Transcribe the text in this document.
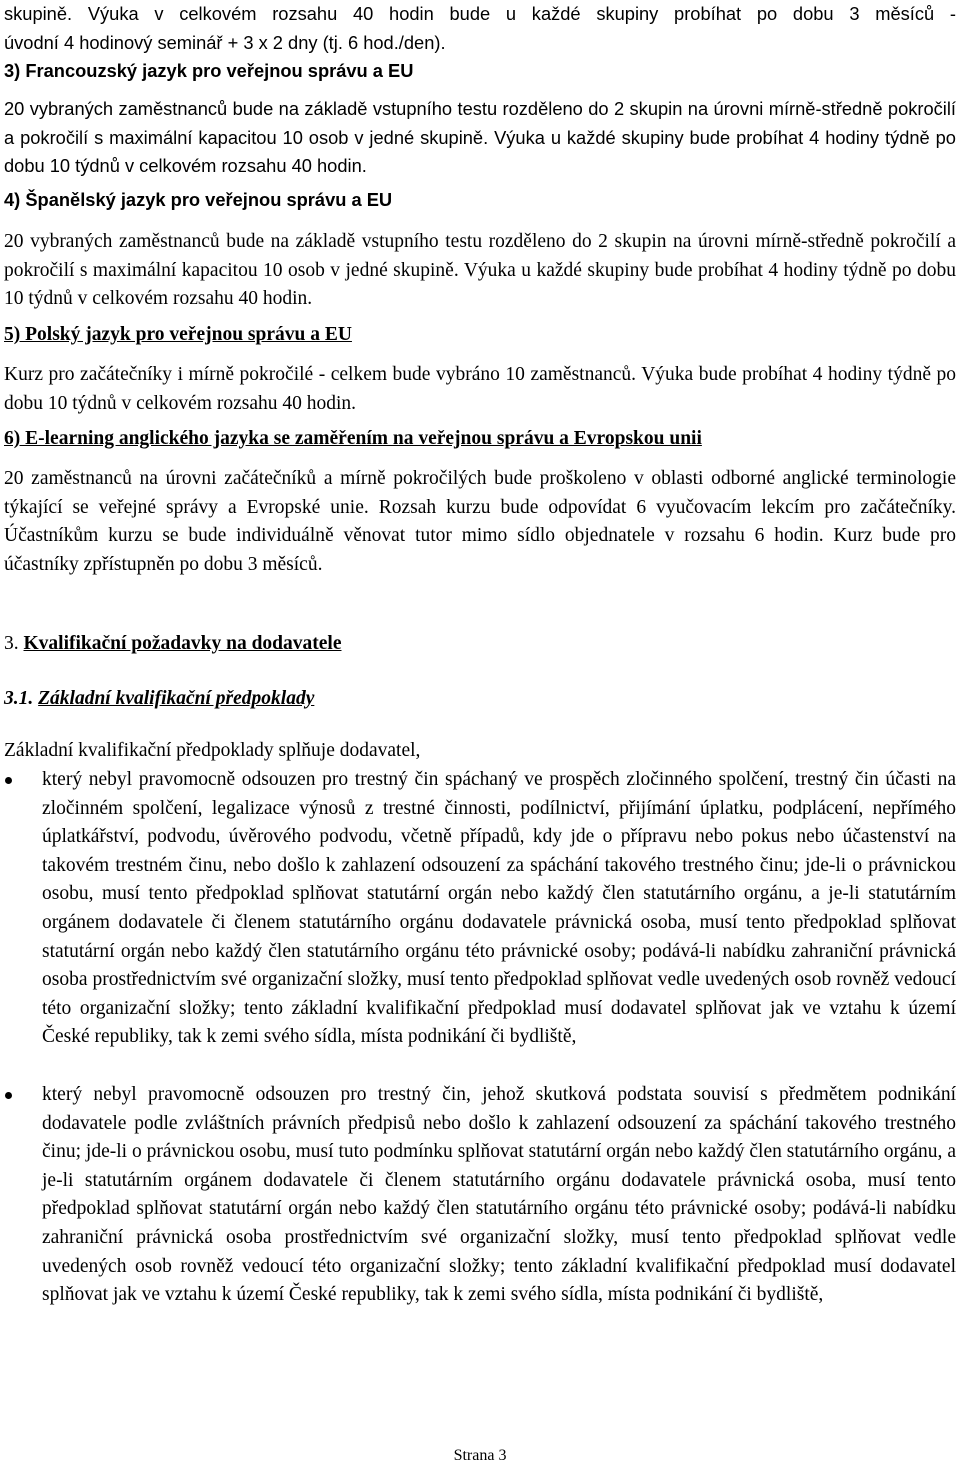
skupině. Výuka v celkovém rozsahu 40 hodin bude u každé skupiny probíhat po dobu 3 měsíců -
úvodní 4 hodinový seminář + 3 x 2 dny (tj. 6 hod./den).
3) Francouzský jazyk pro veřejnou správu a EU

20 vybraných zaměstnanců bude na základě vstupního testu rozděleno do 2 skupin na úrovni mírně-středně pokročilí a pokročilí s maximální kapacitou 10 osob v jedné skupině. Výuka u každé skupiny bude probíhat 4 hodiny týdně po dobu 10 týdnů v celkovém rozsahu 40 hodin.

4) Španělský jazyk pro veřejnou správu a EU

20 vybraných zaměstnanců bude na základě vstupního testu rozděleno do 2 skupin na úrovni mírně-středně pokročilí a pokročilí s maximální kapacitou 10 osob v jedné skupině. Výuka u každé skupiny bude probíhat 4 hodiny týdně po dobu 10 týdnů v celkovém rozsahu 40 hodin.

5) Polský jazyk pro veřejnou správu a EU

Kurz pro začátečníky i mírně pokročilé - celkem bude vybráno 10 zaměstnanců. Výuka bude probíhat 4 hodiny týdně po dobu 10 týdnů v celkovém rozsahu 40 hodin.

6) E-learning anglického jazyka se zaměřením na veřejnou správu a Evropskou unii

20 zaměstnanců na úrovni začátečníků a mírně pokročilých bude proškoleno v oblasti odborné anglické terminologie týkající se veřejné správy a Evropské unie. Rozsah kurzu bude odpovídat 6 vyučovacím lekcím pro začátečníky. Účastníkům kurzu se bude individuálně věnovat tutor mimo sídlo objednatele v rozsahu 6 hodin. Kurz bude pro účastníky zpřístupněn po dobu 3 měsíců.

3. Kvalifikační požadavky na dodavatele
3.1. Základní kvalifikační předpoklady
Základní kvalifikační předpoklady splňuje dodavatel,
který nebyl pravomocně odsouzen pro trestný čin spáchaný ve prospěch zločinného spolčení, trestný čin účasti na zločinném spolčení, legalizace výnosů z trestné činnosti, podílnictví, přijímání úplatku, podplácení, nepřímého úplatkářství, podvodu, úvěrového podvodu, včetně případů, kdy jde o přípravu nebo pokus nebo účastenství na takovém trestném činu, nebo došlo k zahlazení odsouzení za spáchání takového trestného činu; jde-li o právnickou osobu, musí tento předpoklad splňovat statutární orgán nebo každý člen statutárního orgánu, a je-li statutárním orgánem dodavatele či členem statutárního orgánu dodavatele právnická osoba, musí tento předpoklad splňovat statutární orgán nebo každý člen statutárního orgánu této právnické osoby; podává-li nabídku zahraniční právnická osoba prostřednictvím své organizační složky, musí tento předpoklad splňovat vedle uvedených osob rovněž vedoucí této organizační složky; tento základní kvalifikační předpoklad musí dodavatel splňovat jak ve vztahu k území České republiky, tak k zemi svého sídla, místa podnikání či bydliště,
který nebyl pravomocně odsouzen pro trestný čin, jehož skutková podstata souvisí s předmětem podnikání dodavatele podle zvláštních právních předpisů nebo došlo k zahlazení odsouzení za spáchání takového trestného činu; jde-li o právnickou osobu, musí tuto podmínku splňovat statutární orgán nebo každý člen statutárního orgánu, a je-li statutárním orgánem dodavatele či členem statutárního orgánu dodavatele právnická osoba, musí tento předpoklad splňovat statutární orgán nebo každý člen statutárního orgánu této právnické osoby; podává-li nabídku zahraniční právnická osoba prostřednictvím své organizační složky, musí tento předpoklad splňovat vedle uvedených osob rovněž vedoucí této organizační složky; tento základní kvalifikační předpoklad musí dodavatel splňovat jak ve vztahu k území České republiky, tak k zemi svého sídla, místa podnikání či bydliště,
Strana 3
